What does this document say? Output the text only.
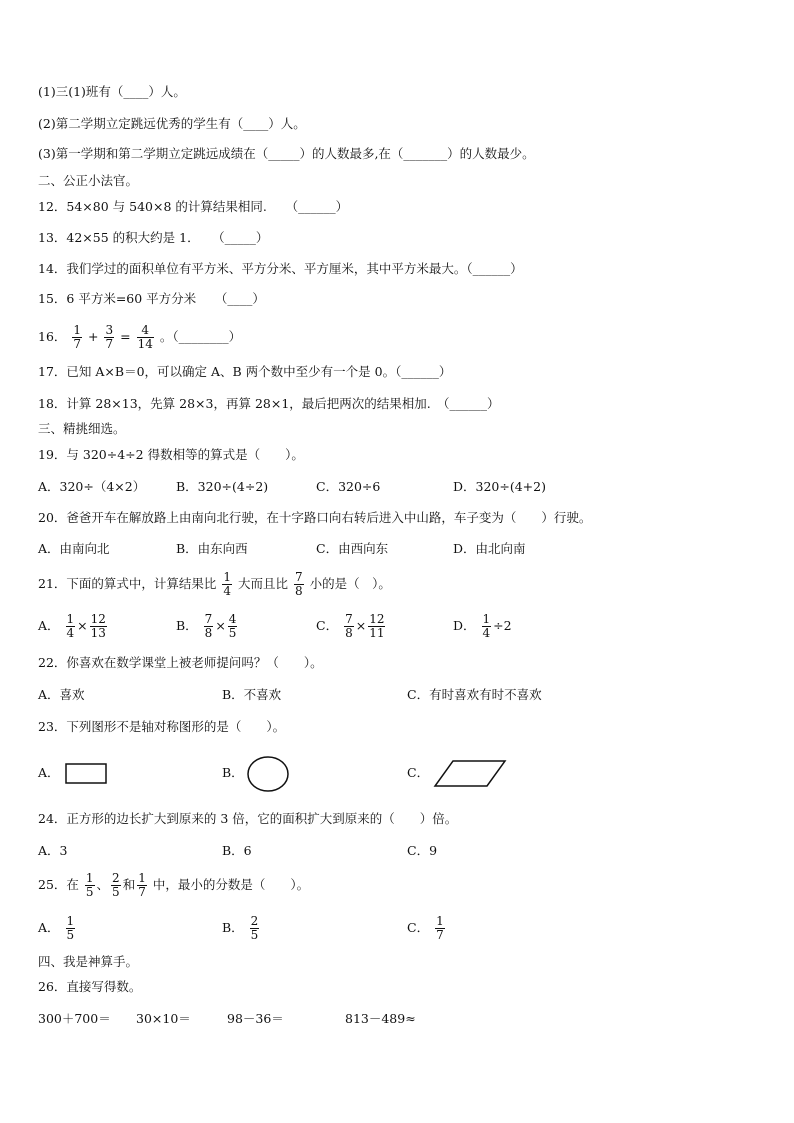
(1)三(1)班有（____）人。
(2)第二学期立定跳远优秀的学生有（____）人。
(3)第一学期和第二学期立定跳远成绩在（_____）的人数最多,在（_______）的人数最少。
二、公正小法官。
12．54×80 与 540×8 的计算结果相同.　　（______）
13．42×55 的积大约是 1．　　（_____）
14．我们学过的面积单位有平方米、平方分米、平方厘米，其中平方米最大。（______）
15．6 平方米=60 平方分米　　（____）
16． $\frac{1}{7} + \frac{3}{7} = \frac{4}{14}$ 。（________）
17．已知 A×B＝0，可以确定 A、B 两个数中至少有一个是 0。（______）
18．计算 28×13，先算 28×3，再算 28×1，最后把两次的结果相加.　（______）
三、精挑细选。
19．与 320÷4÷2 得数相等的算式是（　　）。
A．320÷（4×2） B．320÷(4÷2)	C．320÷6	D．320÷(4+2)
20．爸爸开车在解放路上由南向北行驶，在十字路口向右转后进入中山路，车子变为（　　）行驶。
A．由南向北	B．由东向西	C．由西向东	D．由北向南
21．下面的算式中，计算结果比 $\frac{1}{4}$ 大而且比 $\frac{7}{8}$ 小的是（　）。
A． $\frac{1}{4} \times \frac{12}{13}$	B． $\frac{7}{8} \times \frac{4}{5}$	C． $\frac{7}{8} \times \frac{12}{11}$	D． $\frac{1}{4} \div 2$
22．你喜欢在数学课堂上被老师提问吗？（　　）。
A．喜欢	B．不喜欢	C．有时喜欢有时不喜欢
23．下列图形不是轴对称图形的是（　　）。
A．	B．	C．
24．正方形的边长扩大到原来的 3 倍，它的面积扩大到原来的（　　）倍。
A．3	B．6	C．9
25．在 $\frac{1}{5}$ 、 $\frac{2}{5}$ 和 $\frac{1}{7}$ 中，最小的分数是（　　）。
A． $\frac{1}{5}$	B． $\frac{2}{5}$	C． $\frac{1}{7}$
四、我是神算手。
26．直接写得数。
300＋700＝ 30×10＝	98－36＝	813－489≈
